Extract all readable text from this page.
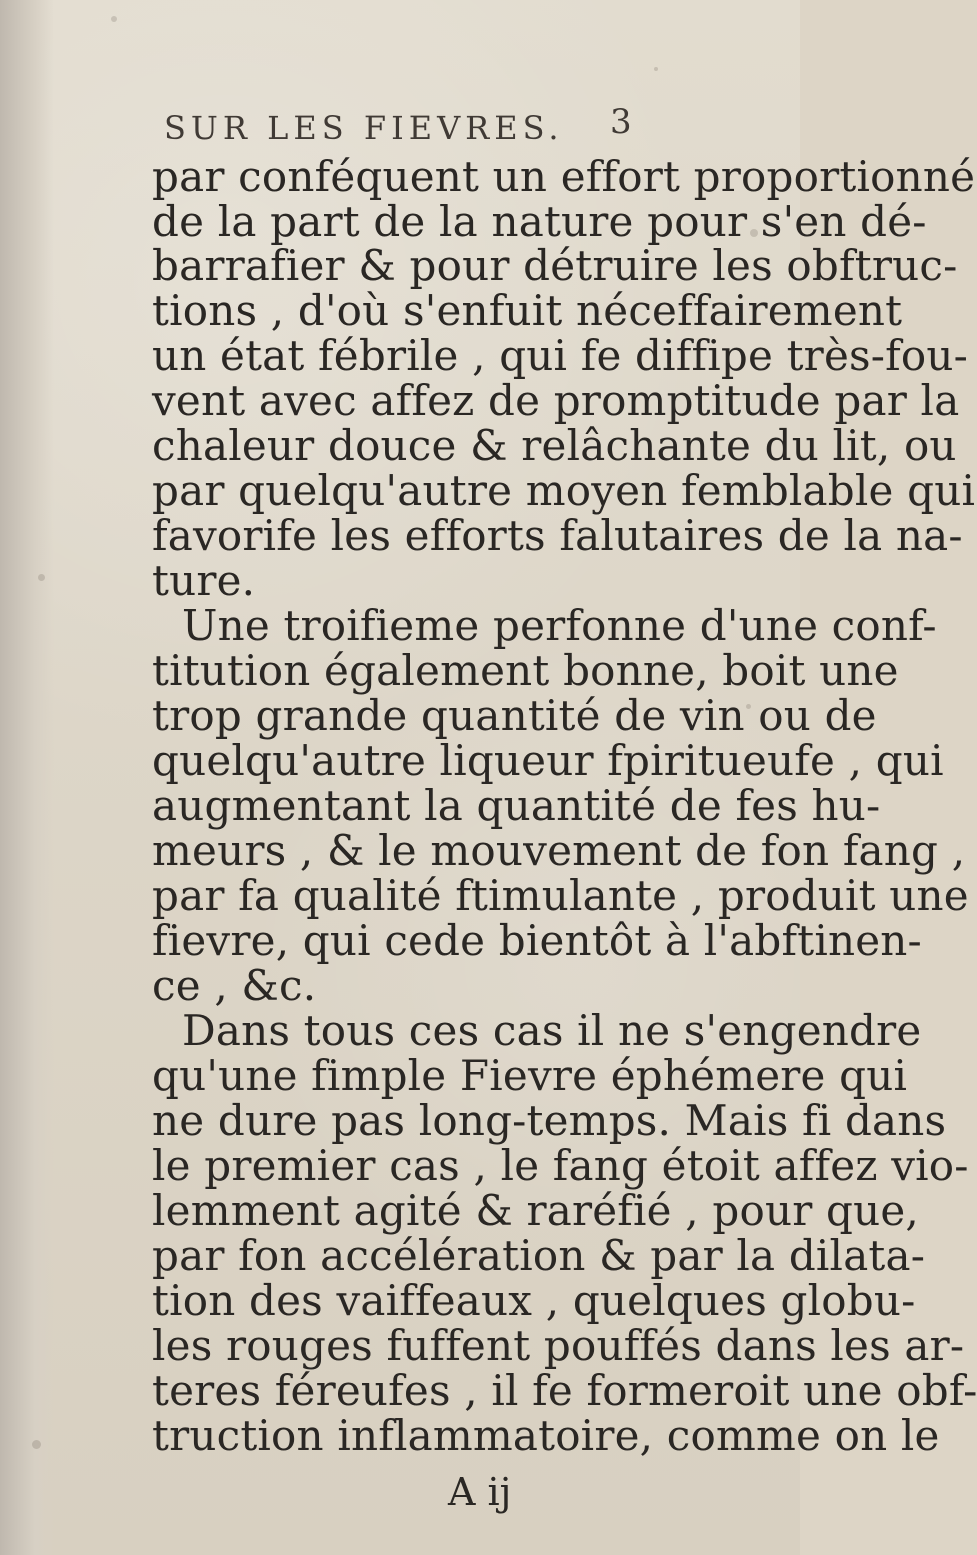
SUR LES FIEVRES. 3
par conféquent un effort proportionné
de la part de la nature pour s'en dé-
barrafier & pour détruire les obftruc-
tions , d'où s'enfuit néceffairement
un état fébrile , qui fe diffipe très-fou-
vent avec affez de promptitude par la
chaleur douce & relâchante du lit, ou
par quelqu'autre moyen femblable qui
favorife les efforts falutaires de la na-
ture.
Une troifieme perfonne d'une conf-
titution également bonne, boit une
trop grande quantité de vin ou de
quelqu'autre liqueur fpiritueufe , qui
augmentant la quantité de fes hu-
meurs , & le mouvement de fon fang ,
par fa qualité ftimulante , produit une
fievre, qui cede bientôt à l'abftinen-
ce , &c.
Dans tous ces cas il ne s'engendre
qu'une fimple Fievre éphémere qui
ne dure pas long-temps. Mais fi dans
le premier cas , le fang étoit affez vio-
lemment agité & raréfié , pour que,
par fon accélération & par la dilata-
tion des vaiffeaux , quelques globu-
les rouges fuffent pouffés dans les ar-
teres féreufes , il fe formeroit une obf-
truction inflammatoire, comme on le
A ij
